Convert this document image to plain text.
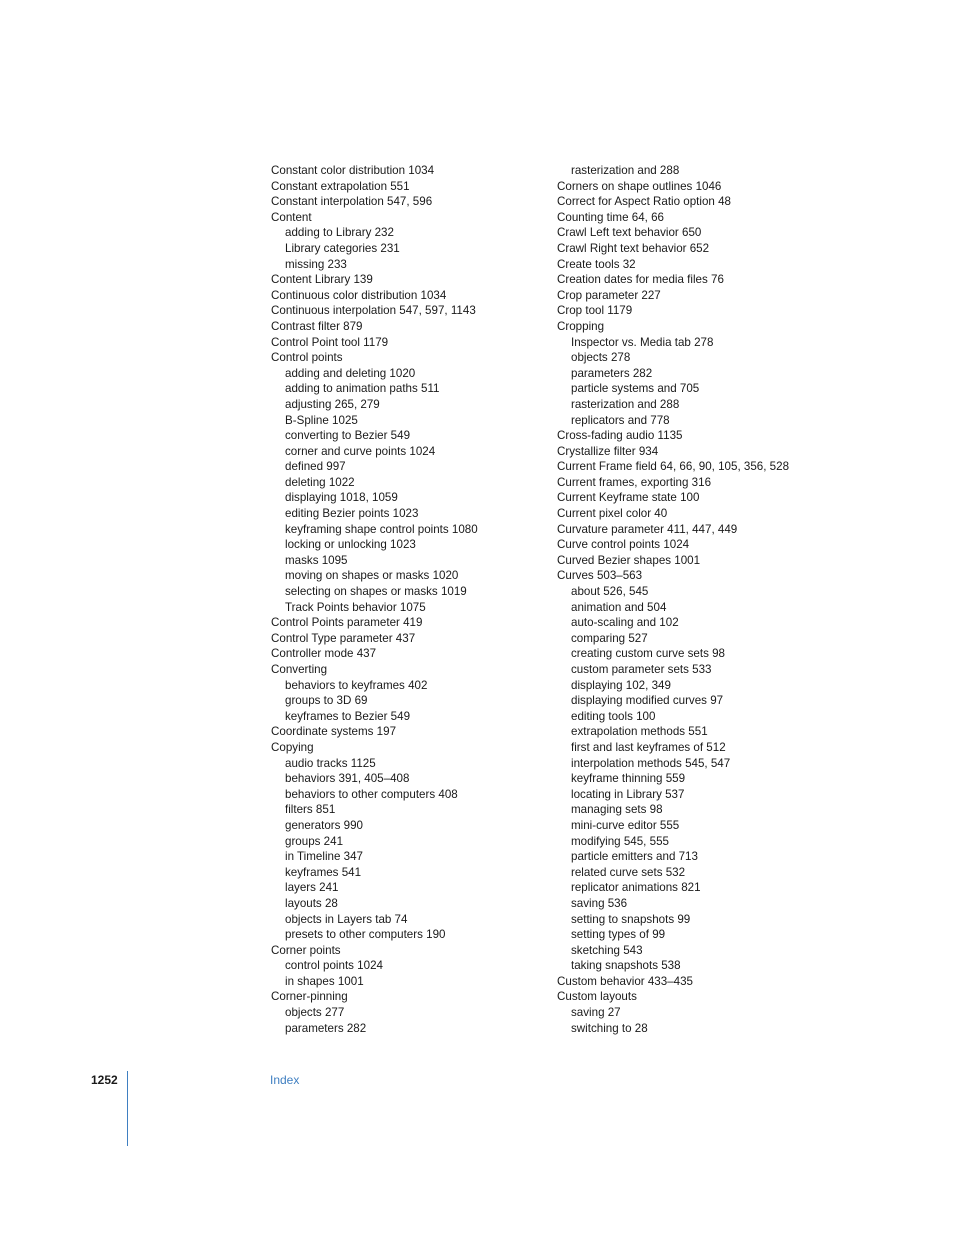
Constant color distribution 1034
Constant extrapolation 551
Constant interpolation 547, 596
Content
adding to Library 232
Library categories 231
missing 233
Content Library 139
Continuous color distribution 1034
Continuous interpolation 547, 597, 1143
Contrast filter 879
Control Point tool 1179
Control points
adding and deleting 1020
adding to animation paths 511
adjusting 265, 279
B-Spline 1025
converting to Bezier 549
corner and curve points 1024
defined 997
deleting 1022
displaying 1018, 1059
editing Bezier points 1023
keyframing shape control points 1080
locking or unlocking 1023
masks 1095
moving on shapes or masks 1020
selecting on shapes or masks 1019
Track Points behavior 1075
Control Points parameter 419
Control Type parameter 437
Controller mode 437
Converting
behaviors to keyframes 402
groups to 3D 69
keyframes to Bezier 549
Coordinate systems 197
Copying
audio tracks 1125
behaviors 391, 405–408
behaviors to other computers 408
filters 851
generators 990
groups 241
in Timeline 347
keyframes 541
layers 241
layouts 28
objects in Layers tab 74
presets to other computers 190
Corner points
control points 1024
in shapes 1001
Corner-pinning
objects 277
parameters 282
rasterization and 288
Corners on shape outlines 1046
Correct for Aspect Ratio option 48
Counting time 64, 66
Crawl Left text behavior 650
Crawl Right text behavior 652
Create tools 32
Creation dates for media files 76
Crop parameter 227
Crop tool 1179
Cropping
Inspector vs. Media tab 278
objects 278
parameters 282
particle systems and 705
rasterization and 288
replicators and 778
Cross-fading audio 1135
Crystallize filter 934
Current Frame field 64, 66, 90, 105, 356, 528
Current frames, exporting 316
Current Keyframe state 100
Current pixel color 40
Curvature parameter 411, 447, 449
Curve control points 1024
Curved Bezier shapes 1001
Curves 503–563
about 526, 545
animation and 504
auto-scaling and 102
comparing 527
creating custom curve sets 98
custom parameter sets 533
displaying 102, 349
displaying modified curves 97
editing tools 100
extrapolation methods 551
first and last keyframes of 512
interpolation methods 545, 547
keyframe thinning 559
locating in Library 537
managing sets 98
mini-curve editor 555
modifying 545, 555
particle emitters and 713
related curve sets 532
replicator animations 821
saving 536
setting to snapshots 99
setting types of 99
sketching 543
taking snapshots 538
Custom behavior 433–435
Custom layouts
saving 27
switching to 28
1252	Index
